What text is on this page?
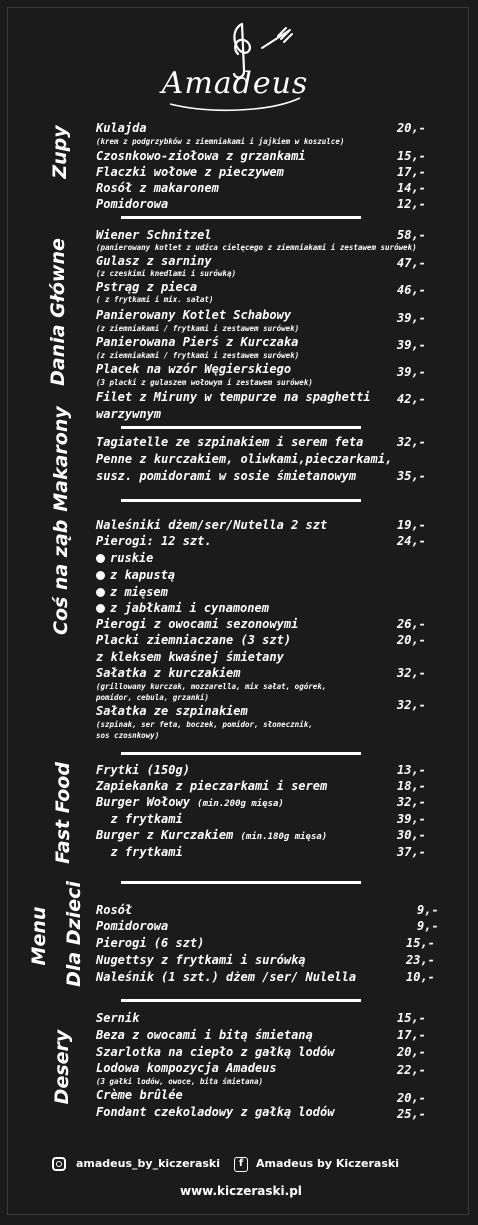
Amadeus
Zupy
Dania Główne
Makarony
Coś na ząb
Fast Food
Menu Dla Dzieci
Desery
Kulajda	20,-
(krem z podgrzybków z ziemniakami i jajkiem w koszulce)
Czosnkowo-ziołowa z grzankami	15,-
Flaczki wołowe z pieczywem	17,-
Rosół z makaronem	14,-
Pomidorowa	12,-
Wiener Schnitzel	58,-
(panierowany kotlet z udźca cielęcego z ziemniakami i zestawem surówek)
Gulasz z sarniny	47,-
(z czeskimi knedlami i surówką)
Pstrąg z pieca	46,-
( z frytkami i mix. sałat)
Panierowany Kotlet Schabowy	39,-
(z ziemniakami / frytkami i zestawem surówek)
Panierowana Pierś z Kurczaka	39,-
(z ziemniakami / frytkami i zestawem surówek)
Placek na wzór Węgierskiego	39,-
(3 placki z gulaszem wołowym i zestawem surówek)
Filet z Miruny w tempurze na spaghetti 42,-
warzywnym
Tagiatelle ze szpinakiem i serem feta	32,-
Penne z kurczakiem, oliwkami,pieczarkami,
susz. pomidorami w sosie śmietanowym	35,-
Naleśniki dżem/ser/Nutella 2 szt	19,-
Pierogi: 12 szt.	24,-
ruskie
z kapustą
z mięsem
z jabłkami i cynamonem
Pierogi z owocami sezonowymi	26,-
Placki ziemniaczane (3 szt)	20,-
z kleksem kwaśnej śmietany
Sałatka z kurczakiem	32,-
(grillowany kurczak, mozzarella, mix sałat, ogórek,
pomidor, cebula, grzanki)
Sałatka ze szpinakiem	32,-
(szpinak, ser feta, boczek, pomidor, słonecznik,
sos czosnkowy)
Frytki (150g)	13,-
Zapiekanka z pieczarkami i serem	18,-
Burger Wołowy (min.200g mięsa)	32,-
z frytkami	39,-
Burger z Kurczakiem (min.180g mięsa)	30,-
z frytkami	37,-
Rosół	9,-
Pomidorowa	9,-
Pierogi (6 szt)	15,-
Nugettsy z frytkami i surówką	23,-
Naleśnik (1 szt.) dżem /ser/ Nulella	10,-
Sernik	15,-
Beza z owocami i bitą śmietaną	17,-
Szarlotka na ciepło z gałką lodów	20,-
Lodowa kompozycja Amadeus	22,-
(3 gałki lodów, owoce, bita śmietana)
Crème brûlée	20,-
Fondant czekoladowy z gałką lodów	25,-
amadeus_by_kiczeraski	f	Amadeus by Kiczeraski
www.kiczeraski.pl
